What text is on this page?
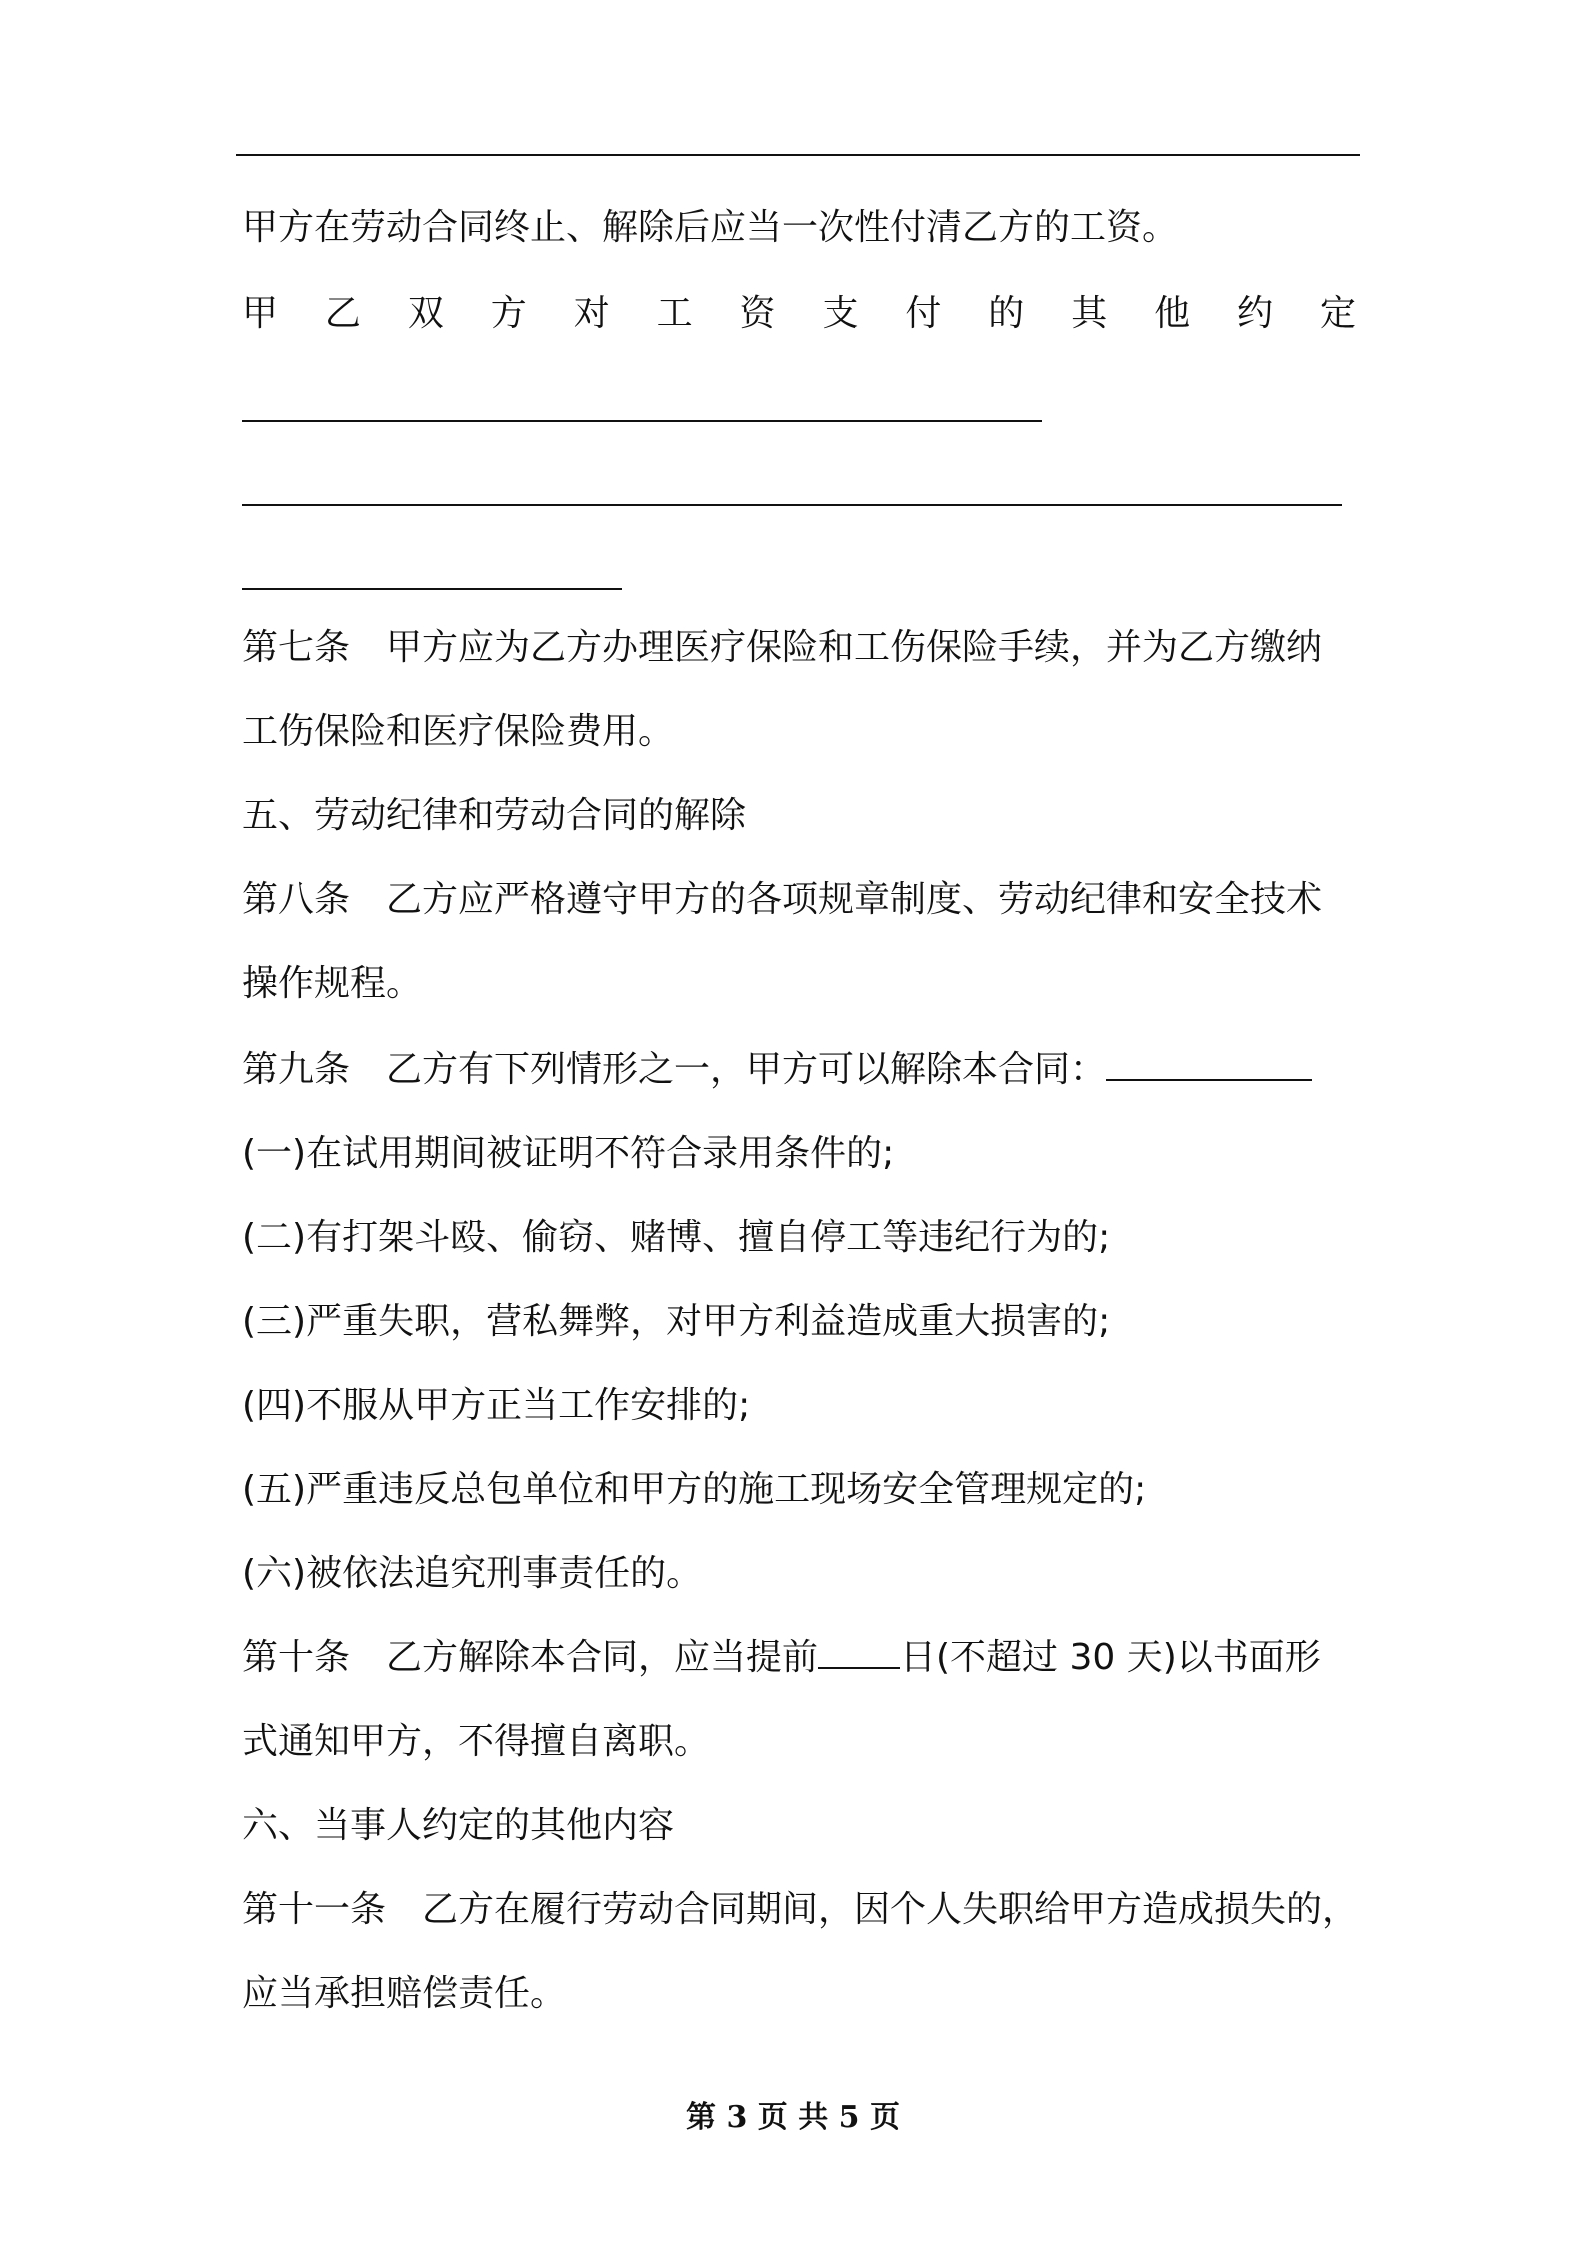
甲方在劳动合同终止、解除后应当一次性付清乙方的工资。
甲 乙 双 方 对 工 资 支 付 的 其 他 约 定
第七条　甲方应为乙方办理医疗保险和工伤保险手续，并为乙方缴纳
工伤保险和医疗保险费用。
五、劳动纪律和劳动合同的解除
第八条　乙方应严格遵守甲方的各项规章制度、劳动纪律和安全技术
操作规程。
第九条　乙方有下列情形之一，甲方可以解除本合同：
(一)在试用期间被证明不符合录用条件的;
(二)有打架斗殴、偷窃、赌博、擅自停工等违纪行为的;
(三)严重失职，营私舞弊，对甲方利益造成重大损害的;
(四)不服从甲方正当工作安排的;
(五)严重违反总包单位和甲方的施工现场安全管理规定的;
(六)被依法追究刑事责任的。
第十条　乙方解除本合同，应当提前 日(不超过 30 天)以书面形
式通知甲方，不得擅自离职。
六、当事人约定的其他内容
第十一条　乙方在履行劳动合同期间，因个人失职给甲方造成损失的，
应当承担赔偿责任。
第 3 页 共 5 页
